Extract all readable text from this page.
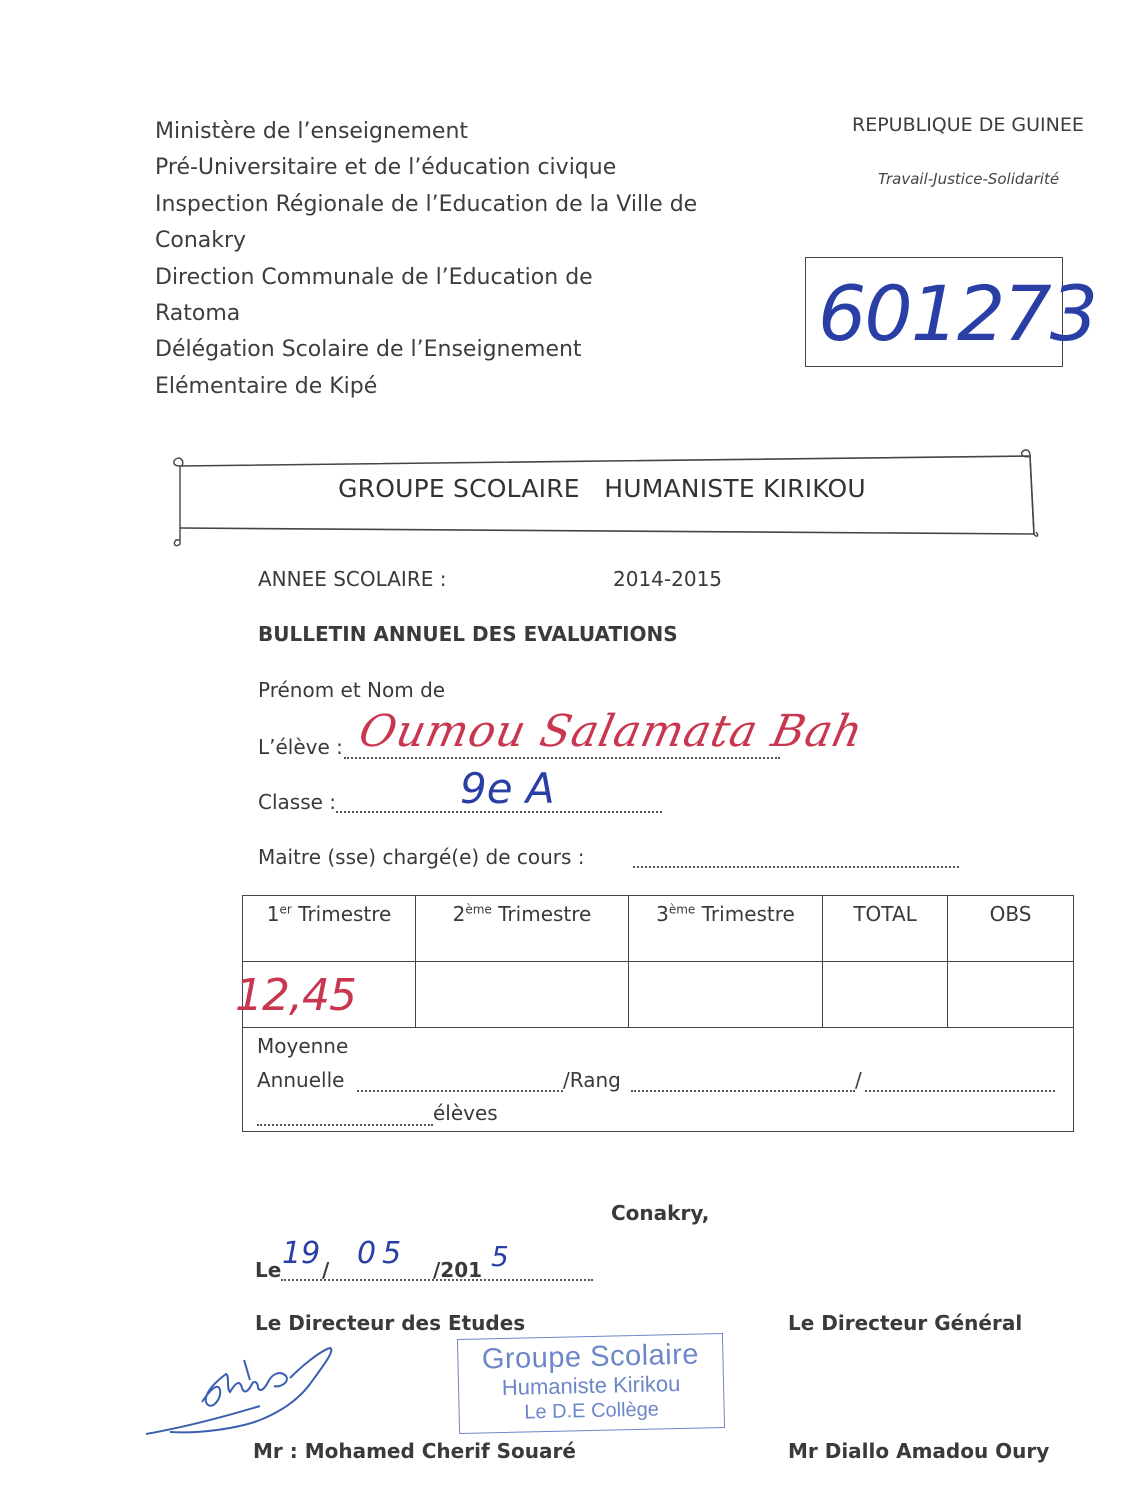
Ministère de l’enseignement
Pré-Universitaire et de l’éducation civique
Inspection Régionale de l’Education de la Ville de
Conakry
Direction Communale de l’Education de
Ratoma
Délégation Scolaire de l’Enseignement
Elémentaire de Kipé
REPUBLIQUE DE GUINEE
Travail-Justice-Solidarité
601273
GROUPE SCOLAIRE   HUMANISTE KIRIKOU
ANNEE SCOLAIRE :	2014-2015
BULLETIN ANNUEL DES EVALUATIONS
Prénom et Nom de
L’élève : Oumou Salamata Bah
Classe :	9e A
Maitre (sse) chargé(e) de cours :
1er Trimestre	2ème Trimestre	3ème Trimestre	TOTAL	OBS

12,45				

Moyenne
Annuelle /Rang /
élèves				
Conakry,
Le /	/201
19 05	5
Le Directeur des Etudes	Le Directeur Général
Groupe Scolaire
Humaniste Kirikou
Le D.E Collège
Mr : Mohamed Cherif Souaré	Mr Diallo Amadou Oury
